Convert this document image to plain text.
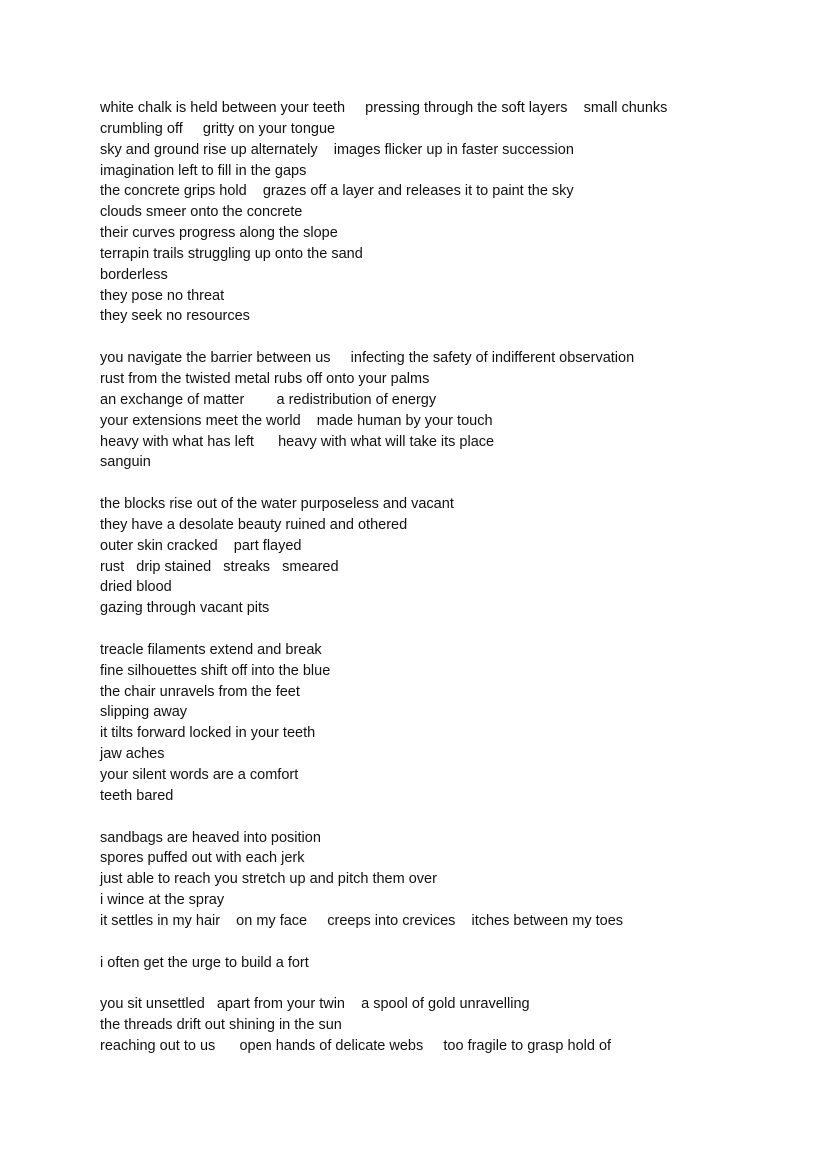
white chalk is held between your teeth     pressing through the soft layers    small chunks
crumbling off     gritty on your tongue
sky and ground rise up alternately    images flicker up in faster succession
imagination left to fill in the gaps
the concrete grips hold    grazes off a layer and releases it to paint the sky
clouds smeer onto the concrete
their curves progress along the slope
terrapin trails struggling up onto the sand
borderless
they pose no threat
they seek no resources
you navigate the barrier between us     infecting the safety of indifferent observation
rust from the twisted metal rubs off onto your palms
an exchange of matter        a redistribution of energy
your extensions meet the world    made human by your touch
heavy with what has left      heavy with what will take its place
sanguin
the blocks rise out of the water purposeless and vacant
they have a desolate beauty ruined and othered
outer skin cracked    part flayed
rust   drip stained   streaks   smeared
dried blood
gazing through vacant pits
treacle filaments extend and break
fine silhouettes shift off into the blue
the chair unravels from the feet
slipping away
it tilts forward locked in your teeth
jaw aches
your silent words are a comfort
teeth bared
sandbags are heaved into position
spores puffed out with each jerk
just able to reach you stretch up and pitch them over
i wince at the spray
it settles in my hair    on my face     creeps into crevices    itches between my toes
i often get the urge to build a fort
you sit unsettled   apart from your twin    a spool of gold unravelling
the threads drift out shining in the sun
reaching out to us      open hands of delicate webs     too fragile to grasp hold of
